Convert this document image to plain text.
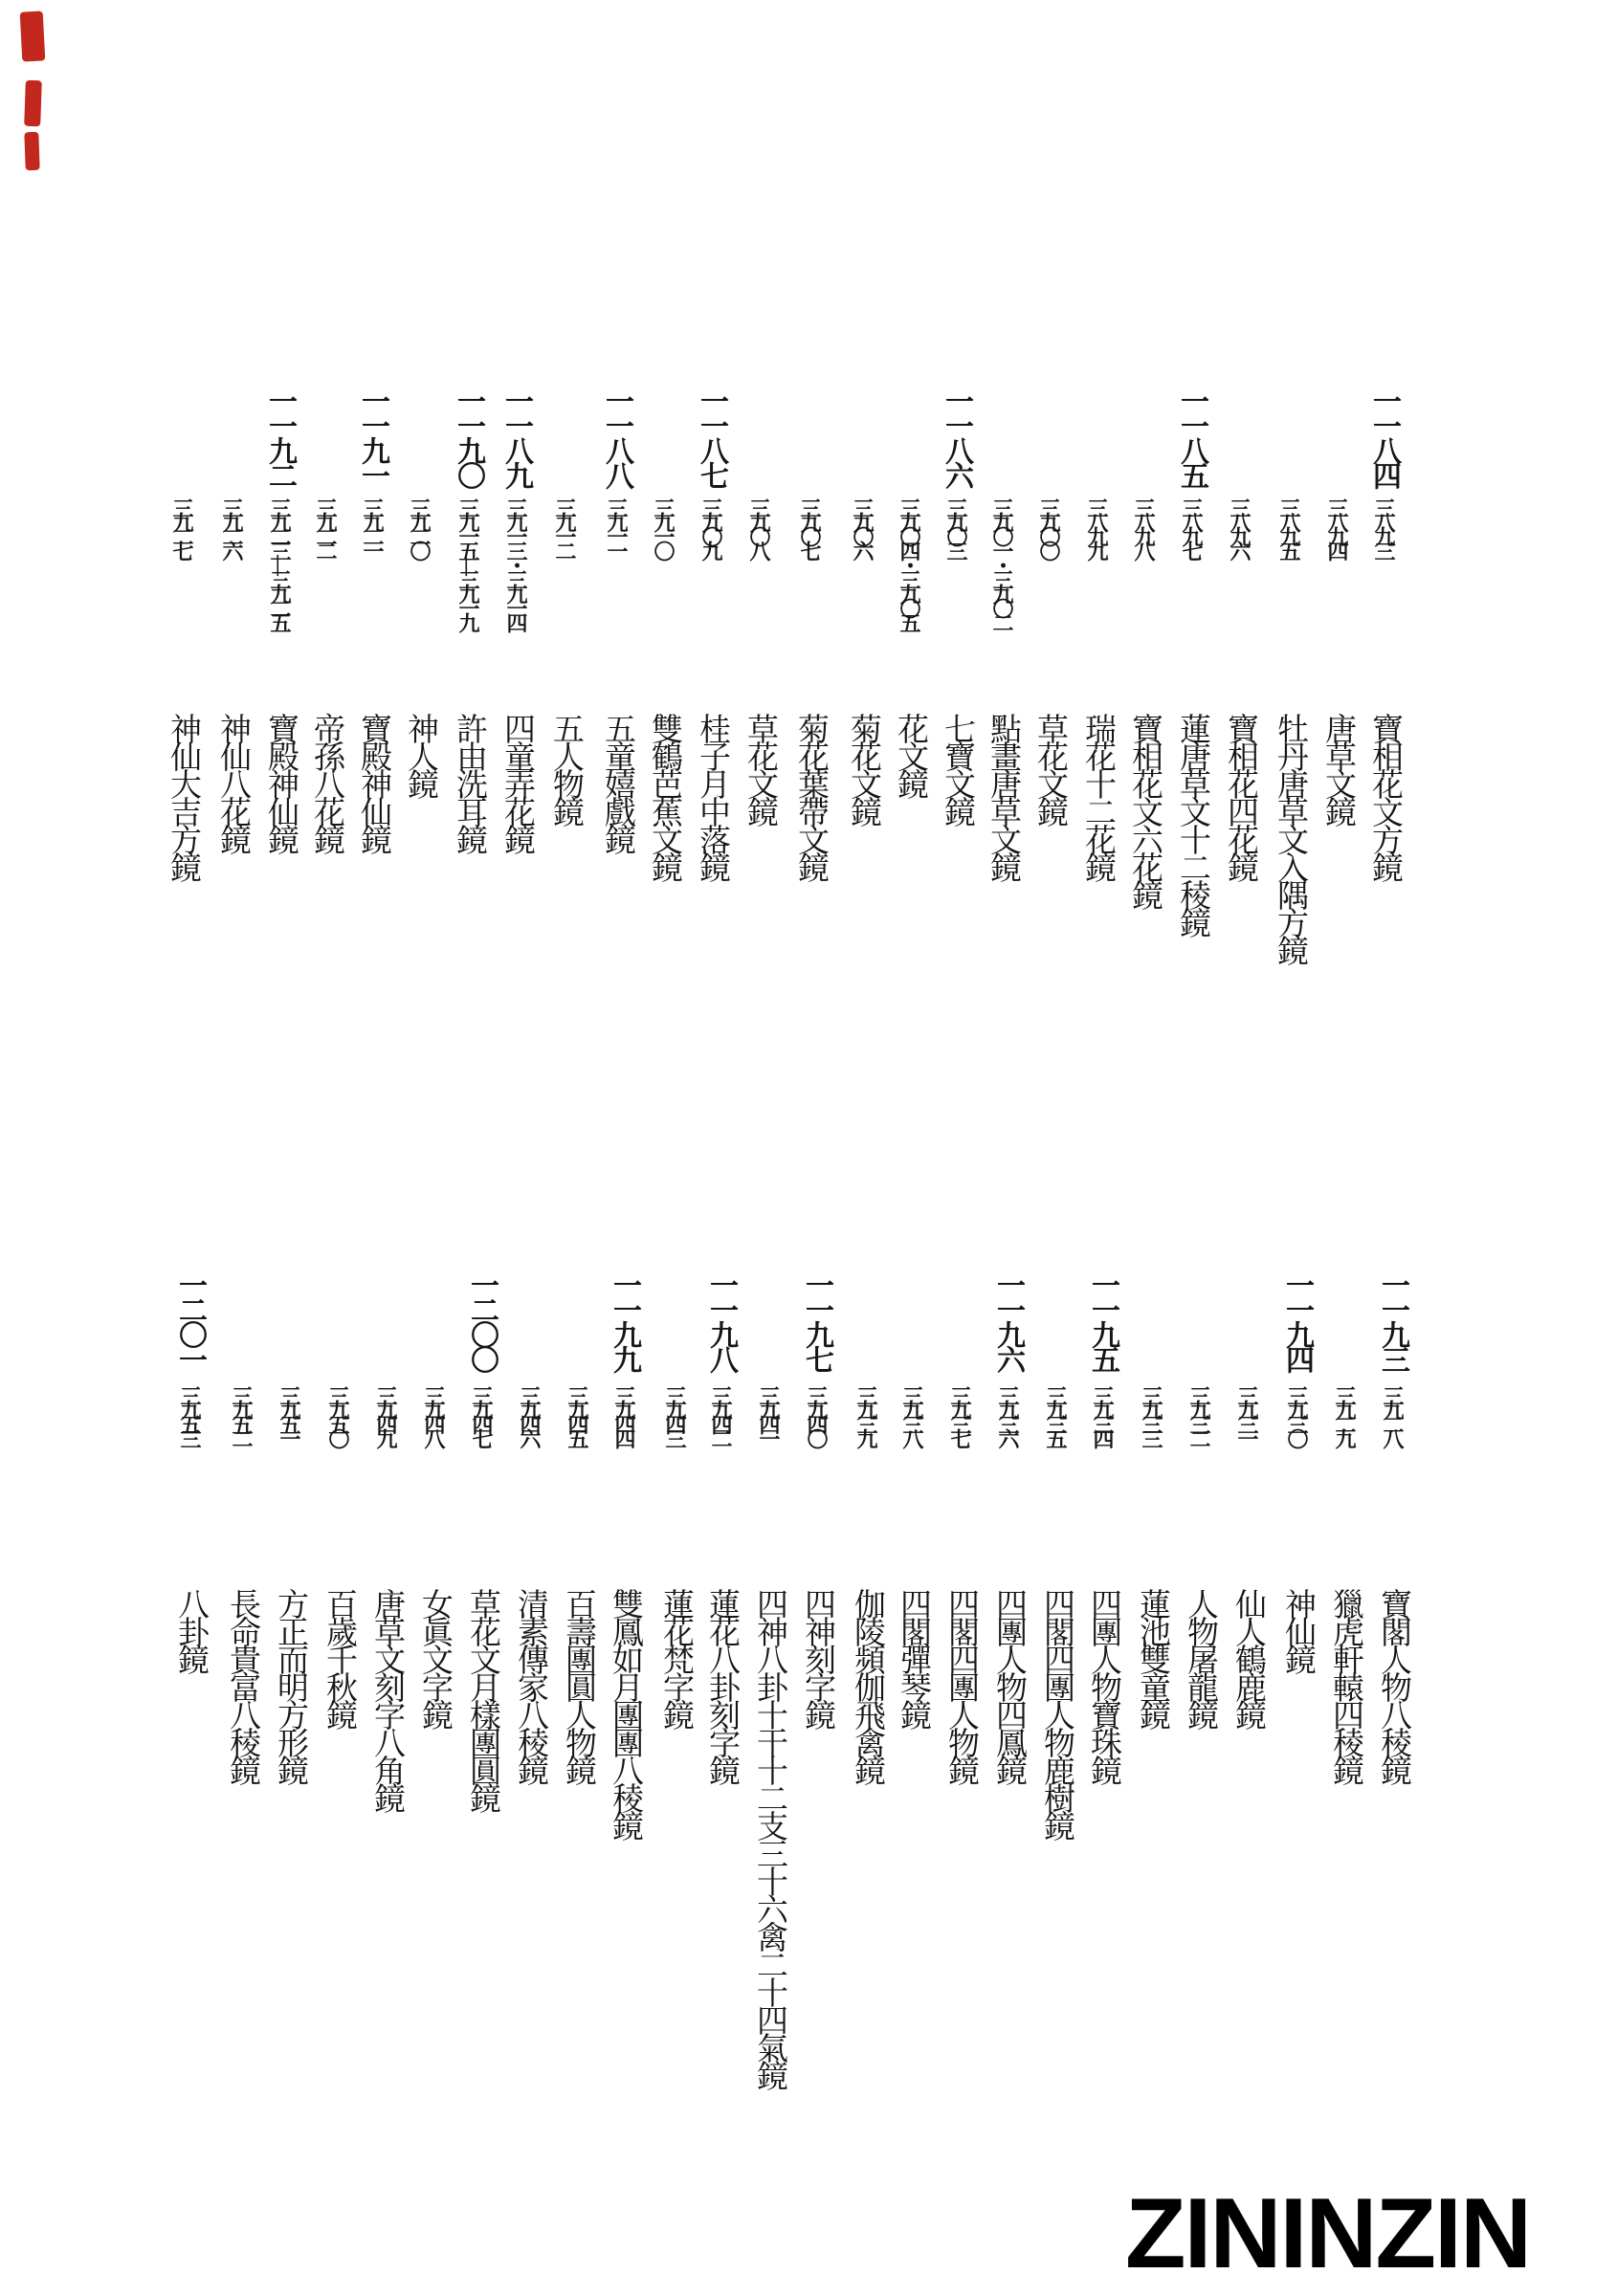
一一八四
三八九三
寶相花文方鏡
三八九四
唐草文鏡
三八九五
牡丹唐草文入隅方鏡
三八九六
寶相花四花鏡
一一八五
三八九七
蓮唐草文十二稜鏡
三八九八
寶相花文六花鏡
三八九九
瑞花十二花鏡
三九〇〇
草花文鏡
三九〇一・三九〇二
點畫唐草文鏡
一一八六
三九〇三
七寶文鏡
三九〇四・三九〇五
花文鏡
三九〇六
菊花文鏡
三九〇七
菊花葉帶文鏡
三九〇八
草花文鏡
一一八七
三九〇九
桂子月中落鏡
三九一〇
雙鶴芭蕉文鏡
一一八八
三九一一
五童嬉戲鏡
三九一二
五人物鏡
一一八九
三九一三・三九一四
四童弄花鏡
一一九〇
三九一五―三九一九
許由洗耳鏡
三九二〇
神人鏡
一一九一
三九二一
寶殿神仙鏡
三九二二
帝孫八花鏡
一一九二
三九二三―三九二五
寶殿神仙鏡
三九二六
神仙八花鏡
三九二七
神仙大吉方鏡
一一九三
三九二八
寶閣人物八稜鏡
三九二九
獵虎軒轅四稜鏡
一一九四
三九三〇
神仙鏡
三九三一
仙人鶴鹿鏡
三九三二
人物屠龍鏡
三九三三
蓮池雙童鏡
一一九五
三九三四
四團人物寶珠鏡
三九三五
四閣四團人物鹿樹鏡
一一九六
三九三六
四團人物四鳳鏡
三九三七
四閣四團人物鏡
三九三八
四閣彈琴鏡
三九三九
伽陵頻伽飛禽鏡
一一九七
三九四〇
四神刻字鏡
三九四一
四神八卦十干十二支三十六禽二十四氣鏡
一一九八
三九四二
蓮花八卦刻字鏡
三九四三
蓮花梵字鏡
一一九九
三九四四
雙鳳如月團團八稜鏡
三九四五
百壽團圓人物鏡
三九四六
清素傳家八稜鏡
一二〇〇
三九四七
草花文月樣團圓鏡
三九四八
女眞文字鏡
三九四九
唐草文刻字八角鏡
三九五〇
百歲千秋鏡
三九五一
方正而明方形鏡
三九五二
長命貴富八稜鏡
一二〇一
三九五三
八卦鏡
ZININZIN
